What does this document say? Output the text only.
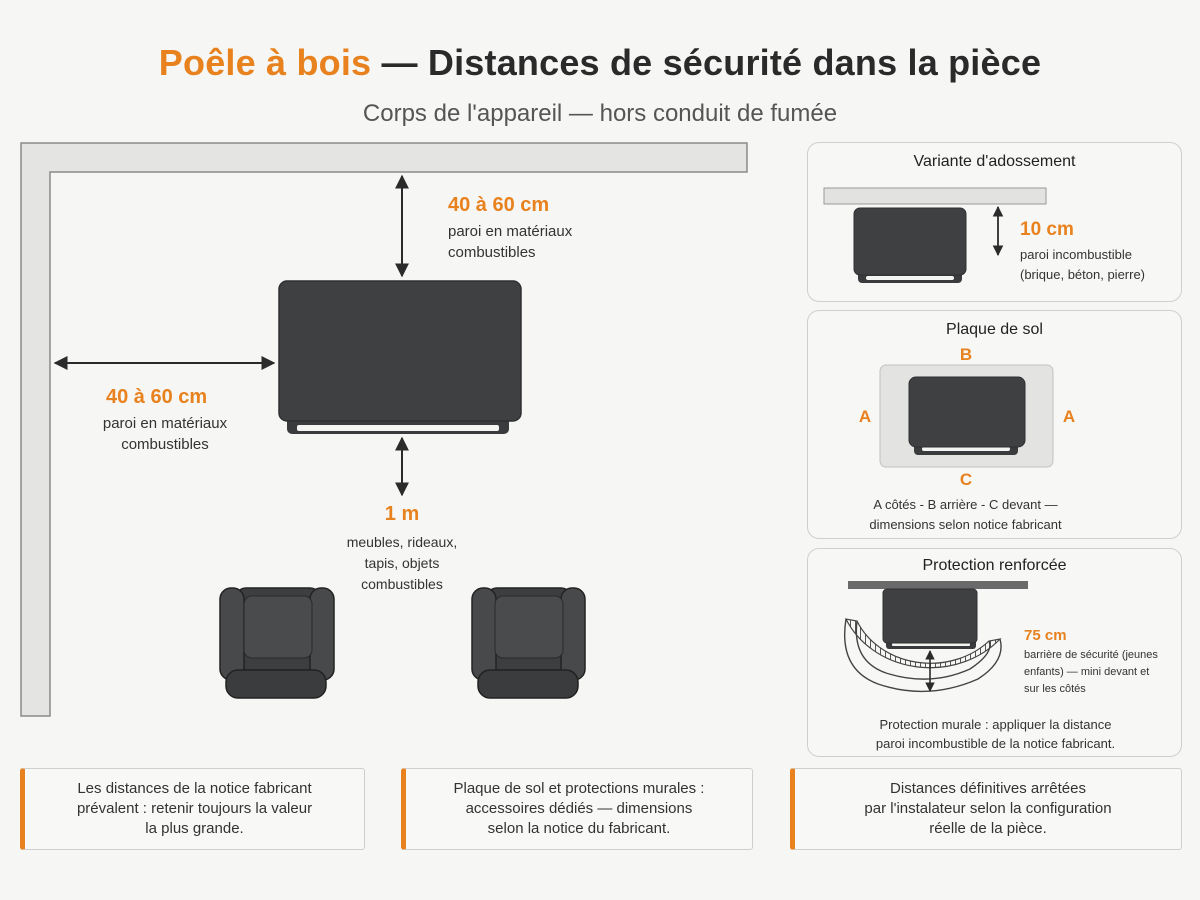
Poêle à bois — Distances de sécurité dans la pièce
Corps de l'appareil — hors conduit de fumée
40 à 60 cm
paroi en matériaux
combustibles
40 à 60 cm
paroi en matériaux
combustibles
1 m
meubles, rideaux,
tapis, objets
combustibles
Variante d'adossement
10 cm
paroi incombustible
(brique, béton, pierre)
Plaque de sol
B
A	A
C
A côtés - B arrière - C devant —
dimensions selon notice fabricant
Protection renforcée
75 cm
barrière de sécurité (jeunes
enfants) — mini devant et
sur les côtés
Protection murale : appliquer la distance
paroi incombustible de la notice fabricant.
Les distances de la notice fabricant
prévalent : retenir toujours la valeur
la plus grande.
Plaque de sol et protections murales :
accessoires dédiés — dimensions
selon la notice du fabricant.
Distances définitives arrêtées
par l'instalateur selon la configuration
réelle de la pièce.
